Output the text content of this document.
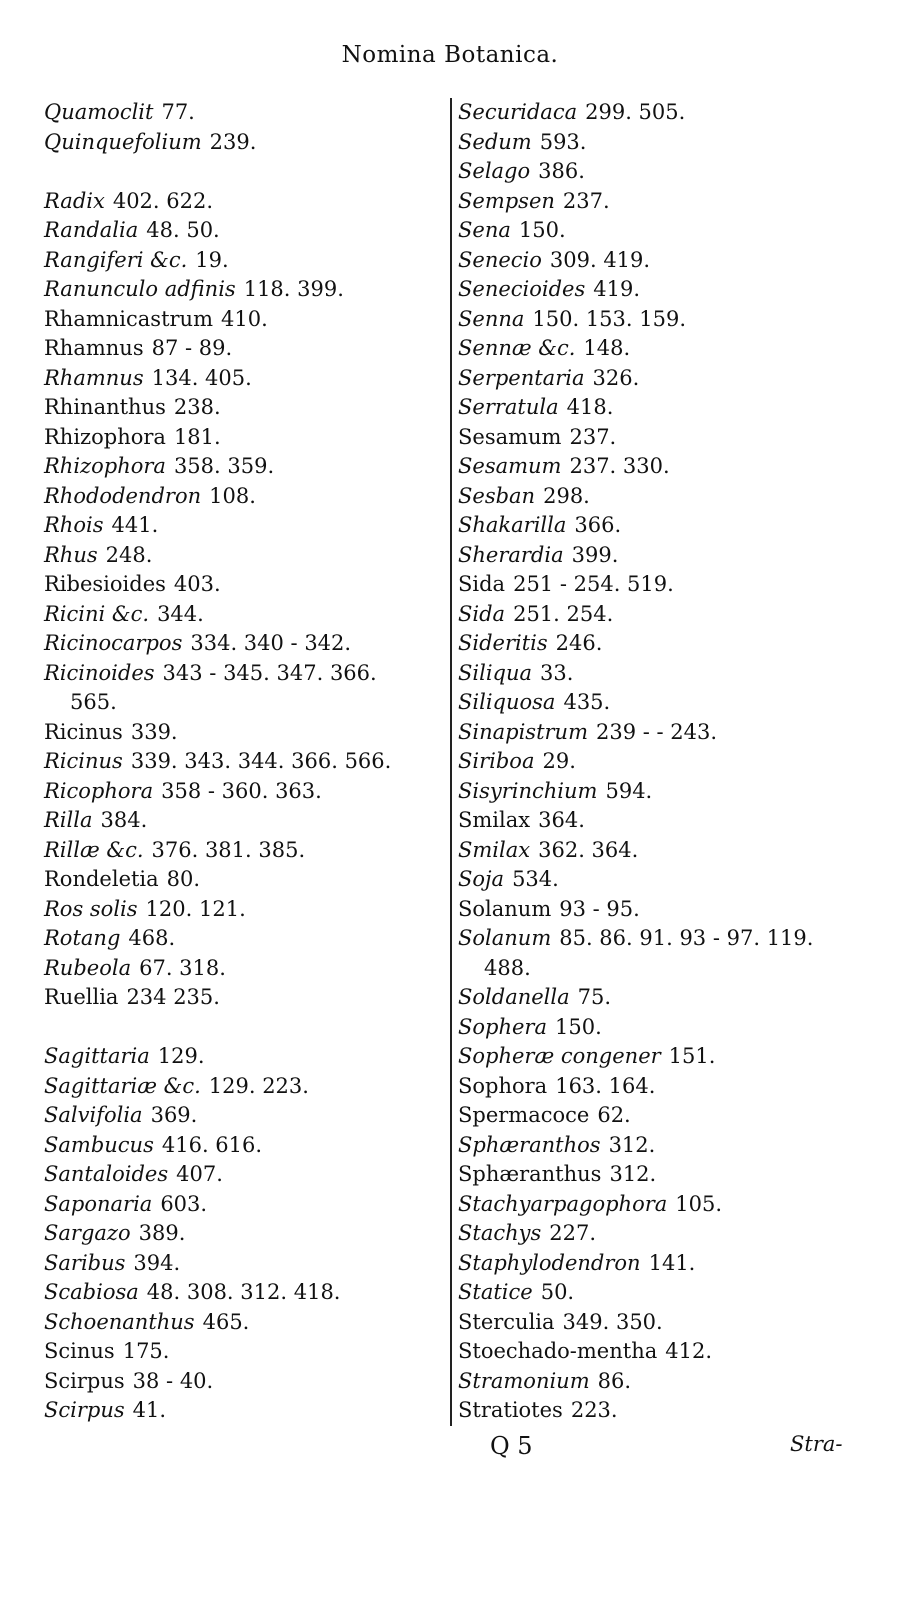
Nomina Botanica.
Quamoclit 77.
Quinquefolium 239.
Radix 402. 622.
Randalia 48. 50.
Rangiferi &c. 19.
Ranunculo adfinis 118. 399.
Rhamnicastrum 410.
Rhamnus 87 - 89.
Rhamnus 134. 405.
Rhinanthus 238.
Rhizophora 181.
Rhizophora 358. 359.
Rhododendron 108.
Rhois 441.
Rhus 248.
Ribesioides 403.
Ricini &c. 344.
Ricinocarpos 334. 340 - 342.
Ricinoides 343 - 345. 347. 366.
565.
Ricinus 339.
Ricinus 339. 343. 344. 366. 566.
Ricophora 358 - 360. 363.
Rilla 384.
Rillæ &c. 376. 381. 385.
Rondeletia 80.
Ros solis 120. 121.
Rotang 468.
Rubeola 67. 318.
Ruellia 234 235.
Sagittaria 129.
Sagittariæ &c. 129. 223.
Salvifolia 369.
Sambucus 416. 616.
Santaloides 407.
Saponaria 603.
Sargazo 389.
Saribus 394.
Scabiosa 48. 308. 312. 418.
Schoenanthus 465.
Scinus 175.
Scirpus 38 - 40.
Scirpus 41.
Securidaca 299. 505.
Sedum 593.
Selago 386.
Sempsen 237.
Sena 150.
Senecio 309. 419.
Senecioides 419.
Senna 150. 153. 159.
Sennæ &c. 148.
Serpentaria 326.
Serratula 418.
Sesamum 237.
Sesamum 237. 330.
Sesban 298.
Shakarilla 366.
Sherardia 399.
Sida 251 - 254. 519.
Sida 251. 254.
Sideritis 246.
Siliqua 33.
Siliquosa 435.
Sinapistrum 239 - - 243.
Siriboa 29.
Sisyrinchium 594.
Smilax 364.
Smilax 362. 364.
Soja 534.
Solanum 93 - 95.
Solanum 85. 86. 91. 93 - 97. 119.
488.
Soldanella 75.
Sophera 150.
Sopheræ congener 151.
Sophora 163. 164.
Spermacoce 62.
Sphæranthos 312.
Sphæranthus 312.
Stachyarpagophora 105.
Stachys 227.
Staphylodendron 141.
Statice 50.
Sterculia 349. 350.
Stoechado-mentha 412.
Stramonium 86.
Stratiotes 223.
Q 5	Stra-
